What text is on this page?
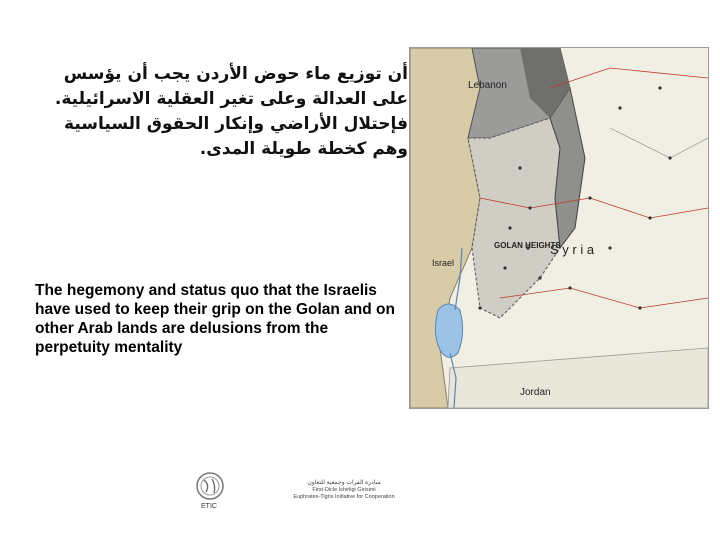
أن توزيع ماء حوض الأردن يجب أن يؤسس
على العدالة وعلى تغير العقلية الاسرائيلية.
فإحتلال الأراضي وإنكار الحقوق السياسية
وهم كخطة طويلة المدى.
The hegemony and status quo that the Israelis have used to keep their grip on the Golan and on other Arab lands are delusions from the perpetuity mentality
Lebanon
GOLAN HEIGHTS
S y r i a
Israel
Jordan
ETIC
مبادرة الفرات وجمعية للتعاون
First-Dicle Ishirligi Girisimi
Euphrates-Tigris Initiative for Cooperation
